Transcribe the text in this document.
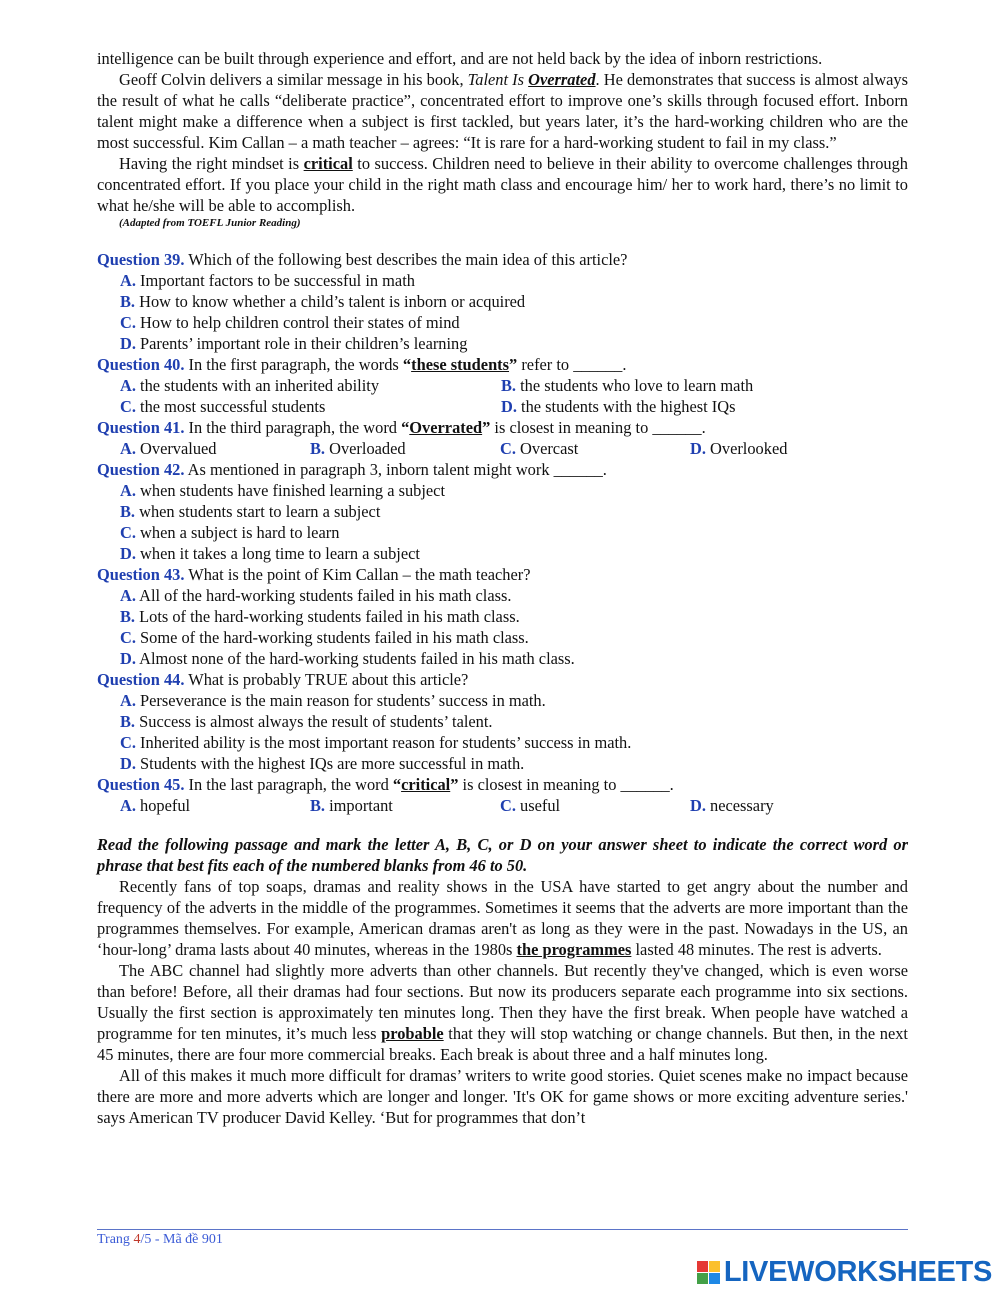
intelligence can be built through experience and effort, and are not held back by the idea of inborn restrictions.

Geoff Colvin delivers a similar message in his book, Talent Is Overrated. He demonstrates that success is almost always the result of what he calls “deliberate practice”, concentrated effort to improve one’s skills through focused effort. Inborn talent might make a difference when a subject is first tackled, but years later, it’s the hard-working children who are the most successful. Kim Callan – a math teacher – agrees: “It is rare for a hard-working student to fail in my class.”

Having the right mindset is critical to success. Children need to believe in their ability to overcome challenges through concentrated effort. If you place your child in the right math class and encourage him/ her to work hard, there’s no limit to what he/she will be able to accomplish.

(Adapted from TOEFL Junior Reading)

Question 39. Which of the following best describes the main idea of this article?

A. Important factors to be successful in math

B. How to know whether a child’s talent is inborn or acquired

C. How to help children control their states of mind

D. Parents’ important role in their children’s learning

Question 40. In the first paragraph, the words “these students” refer to ______.

A. the students with an inherited ability	B. the students who love to learn math
C. the most successful students	D. the students with the highest IQs

Question 41. In the third paragraph, the word “Overrated” is closest in meaning to ______.

A. Overvalued	B. Overloaded	C. Overcast	D. Overlooked

Question 42. As mentioned in paragraph 3, inborn talent might work ______.

A. when students have finished learning a subject

B. when students start to learn a subject

C. when a subject is hard to learn

D. when it takes a long time to learn a subject

Question 43. What is the point of Kim Callan – the math teacher?

A. All of the hard-working students failed in his math class.

B. Lots of the hard-working students failed in his math class.

C. Some of the hard-working students failed in his math class.

D. Almost none of the hard-working students failed in his math class.

Question 44. What is probably TRUE about this article?

A. Perseverance is the main reason for students’ success in math.

B. Success is almost always the result of students’ talent.

C. Inherited ability is the most important reason for students’ success in math.

D. Students with the highest IQs are more successful in math.

Question 45. In the last paragraph, the word “critical” is closest in meaning to ______.

A. hopeful	B. important	C. useful	D. necessary

Read the following passage and mark the letter A, B, C, or D on your answer sheet to indicate the correct word or phrase that best fits each of the numbered blanks from 46 to 50.

Recently fans of top soaps, dramas and reality shows in the USA have started to get angry about the number and frequency of the adverts in the middle of the programmes. Sometimes it seems that the adverts are more important than the programmes themselves. For example, American dramas aren't as long as they were in the past. Nowadays in the US, an ‘hour-long’ drama lasts about 40 minutes, whereas in the 1980s the programmes lasted 48 minutes. The rest is adverts.

The ABC channel had slightly more adverts than other channels. But recently they've changed, which is even worse than before! Before, all their dramas had four sections. But now its producers separate each programme into six sections. Usually the first section is approximately ten minutes long. Then they have the first break. When people have watched a programme for ten minutes, it’s much less probable that they will stop watching or change channels. But then, in the next 45 minutes, there are four more commercial breaks. Each break is about three and a half minutes long.

All of this makes it much more difficult for dramas’ writers to write good stories. Quiet scenes make no impact because there are more and more adverts which are longer and longer. 'It's OK for game shows or more exciting adventure series.' says American TV producer David Kelley. ‘But for programmes that don’t

Trang 4/5 - Mã đề 901
LIVEWORKSHEETS
